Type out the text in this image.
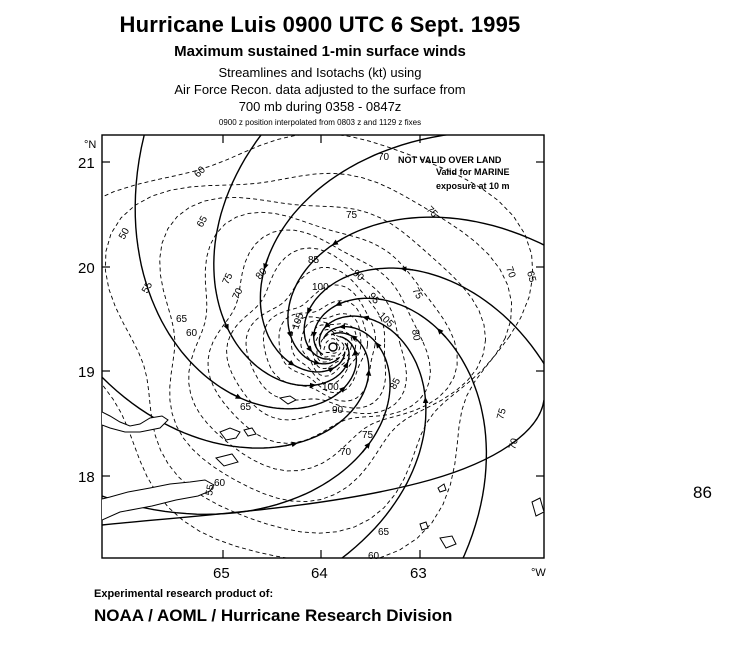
Hurricane Luis 0900 UTC 6 Sept. 1995
Maximum sustained 1-min surface winds
Streamlines and Isotachs (kt) using
Air Force Recon. data adjusted to the surface from
700 mb during 0358 - 0847z
0900 z position interpolated from 0803 z and 1129 z fixes
50
55
60
60
65
70
70
65	75	75
75
75
70
70
65
60
75
80
80
85
85
90
90
95
65
100
100
105	105
75
70
65
55
60
NOT VALID OVER LAND
Valid for MARINE
exposure at 10 m
°N
21
20
19
18
65	64	63	°W
Experimental research product of:
NOAA / AOML / Hurricane Research Division
86
